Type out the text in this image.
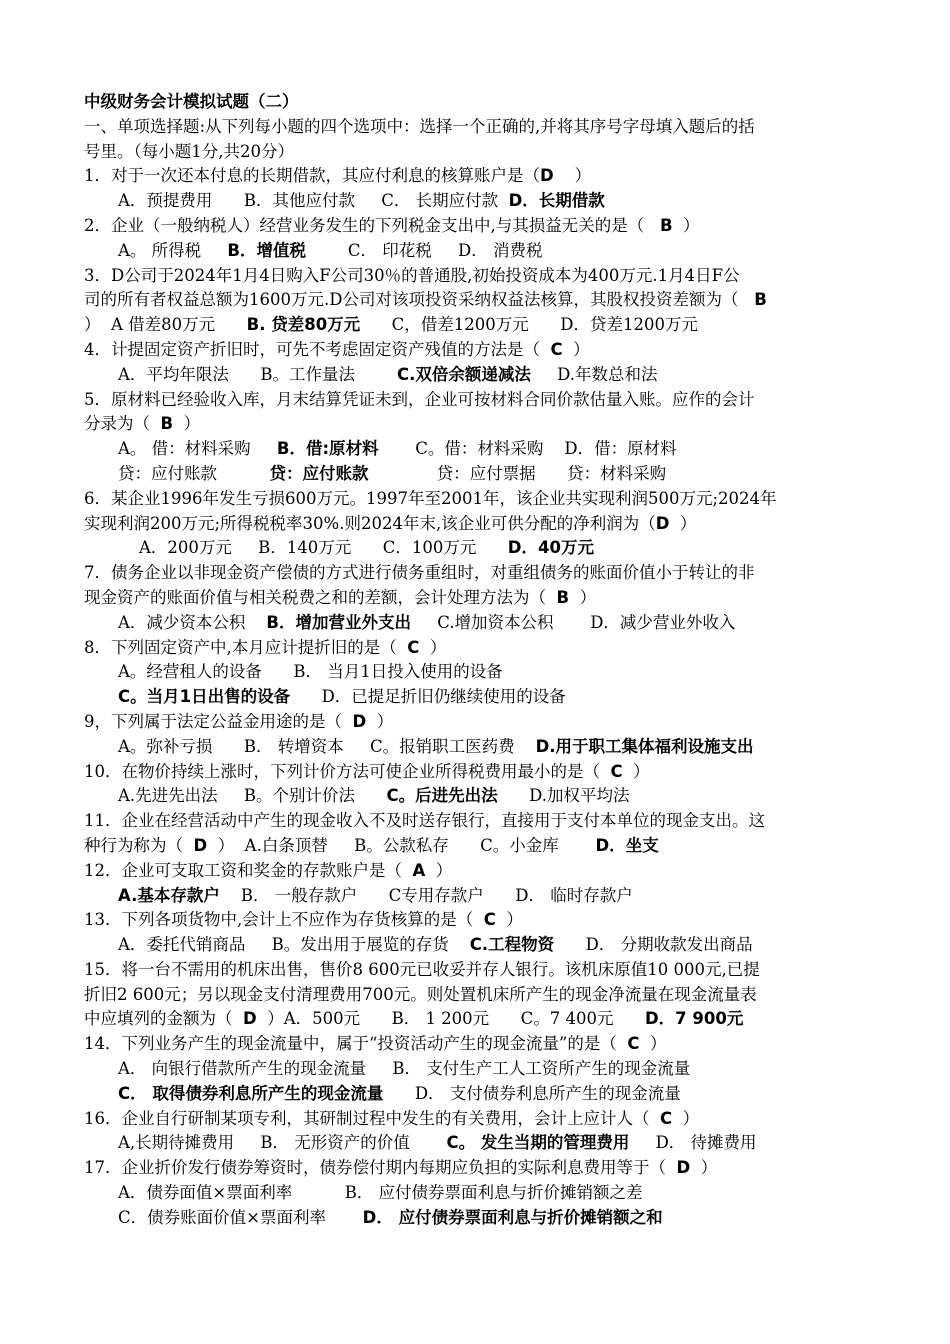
中级财务会计模拟试题（二）
一、单项选择题:从下列每小题的四个选项中：选择一个正确的,并将其序号字母填入题后的括
号里。（每小题1分,共20分）
1．对于一次还本付息的长期借款，其应付利息的核算账户是（D    ）
A．预提费用      B．其他应付款     C． 长期应付款  D．长期借款
2．企业（一般纳税人）经营业务发生的下列税金支出中,与其损益无关的是（   B  ）
A。 所得税     B．增值税        C． 印花税     D． 消费税
3．D公司于2024年1月4日购入F公司30％的普通股,初始投资成本为400万元.1月4日F公
司的所有者权益总额为1600万元.D公司对该项投资采纳权益法核算，其股权投资差额为（   B
）  A 借差80万元      B. 贷差80万元      C，借差1200万元      D．贷差1200万元
4．计提固定资产折旧时，可先不考虑固定资产残值的方法是（  C  ）
A．平均年限法      B。工作量法        C.双倍余额递减法     D.年数总和法
5．原材料已经验收入库，月末结算凭证未到，企业可按材料合同价款估量入账。应作的会计
分录为（  B  ）
A。 借：材料采购     B．借:原材料       C。借：材料采购    D．借：原材料
贷：应付账款          贷：应付账款             贷：应付票据      贷：材料采购
6．某企业1996年发生亏损600万元。1997年至2001年，该企业共实现利润500万元;2024年
实现利润200万元;所得税税率30%.则2024年末,该企业可供分配的净利润为（D  ）
A．200万元     B．140万元      C．100万元      D．40万元
7．债务企业以非现金资产偿债的方式进行债务重组时，对重组债务的账面价值小于转让的非
现金资产的账面价值与相关税费之和的差额，会计处理方法为（  B  ）
A．减少资本公积    B．增加营业外支出     C.增加资本公积       D．减少营业外收入
8．下列固定资产中,本月应计提折旧的是（  C  ）
A。经营租人的设备      B． 当月1日投入使用的设备
C。当月1日出售的设备      D．已提足折旧仍继续使用的设备
9，下列属于法定公益金用途的是（  D  ）
A。弥补亏损      B． 转增资本     C。报销职工医药费    D.用于职工集体福利设施支出
10．在物价持续上涨时，下列计价方法可使企业所得税费用最小的是（  C  ）
A.先进先出法     B。个别计价法      C。后进先出法      D.加权平均法
11．企业在经营活动中产生的现金收入不及时送存银行，直接用于支付本单位的现金支出。这
种行为称为（  D  ）  A.白条顶替     B。公款私存      C。小金库       D．坐支
12．企业可支取工资和奖金的存款账户是（  A  ）
A.基本存款户    B． 一般存款户      C专用存款户      D． 临时存款户
13．下列各项货物中,会计上不应作为存货核算的是（  C  ）
A．委托代销商品     B。发出用于展览的存货    C.工程物资      D． 分期收款发出商品
15．将一台不需用的机床出售，售价8 600元已收妥并存人银行。该机床原值10 000元,已提
折旧2 600元；另以现金支付清理费用700元。则处置机床所产生的现金净流量在现金流量表
中应填列的金额为（  D  ）A．500元      B． 1 200元      C。7 400元      D．7 900元
14．下列业务产生的现金流量中，属于“投资活动产生的现金流量”的是（  C  ）
A． 向银行借款所产生的现金流量     B． 支付生产工人工资所产生的现金流量
C． 取得债券利息所产生的现金流量      D． 支付债券利息所产生的现金流量
16．企业自行研制某项专利，其研制过程中发生的有关费用，会计上应计人（  C  ）
A,长期待摊费用     B． 无形资产的价值       C。 发生当期的管理费用     D． 待摊费用
17．企业折价发行债券筹资时，债券偿付期内每期应负担的实际利息费用等于（  D  ）
A．债券面值×票面利率          B． 应付债券票面利息与折价摊销额之差
C．债券账面价值×票面利率       D． 应付债券票面利息与折价摊销额之和
